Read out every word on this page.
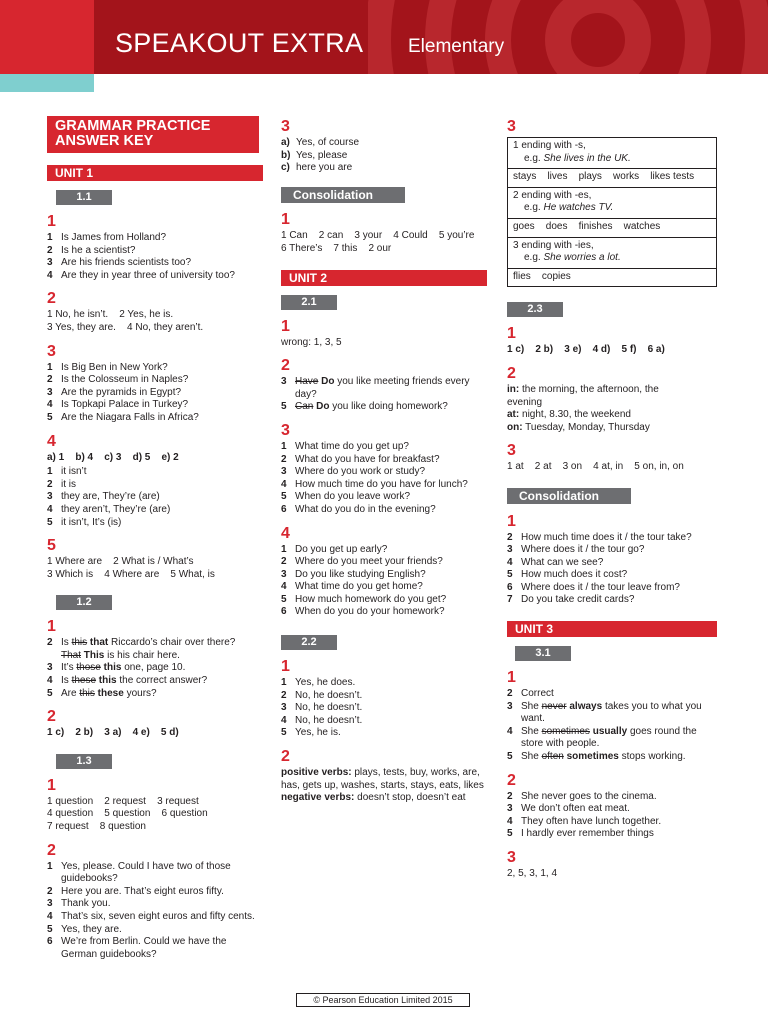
SPEAKOUT EXTRA Elementary
GRAMMAR PRACTICE
ANSWER KEY
UNIT 1
1.1
1
1 Is James from Holland?
2 Is he a scientist?
3 Are his friends scientists too?
4 Are they in year three of university too?
2
1 No, he isn’t.    2 Yes, he is.
3 Yes, they are.    4 No, they aren’t.
3
1 Is Big Ben in New York?
2 Is the Colosseum in Naples?
3 Are the pyramids in Egypt?
4 Is Topkapi Palace in Turkey?
5 Are the Niagara Falls in Africa?
4
a) 1    b) 4    c) 3    d) 5    e) 2
1 it isn’t
2 it is
3 they are, They’re (are)
4 they aren’t, They’re (are)
5 it isn’t, It’s (is)
5
1 Where are    2 What is / What’s
3 Which is    4 Where are    5 What, is
1.2
1
2 Is this that Riccardo’s chair over there?
That This is his chair here.
3 It’s those this one, page 10.
4 Is these this the correct answer?
5 Are this these yours?
2
1 c)    2 b)    3 a)    4 e)    5 d)
1.3
1
1 question    2 request    3 request
4 question    5 question    6 question
7 request    8 question
2
1 Yes, please. Could I have two of those guidebooks?
2 Here you are. That’s eight euros fifty.
3 Thank you.
4 That’s six, seven eight euros and fifty cents.
5 Yes, they are.
6 We’re from Berlin. Could we have the German guidebooks?
3
a) Yes, of course
b) Yes, please
c) here you are
Consolidation
1
1 Can    2 can    3 your    4 Could    5 you’re
6 There’s    7 this    2 our
UNIT 2
2.1
1
wrong: 1, 3, 5
2
3 Have Do you like meeting friends every day?
5 Can Do you like doing homework?
3
1 What time do you get up?
2 What do you have for breakfast?
3 Where do you work or study?
4 How much time do you have for lunch?
5 When do you leave work?
6 What do you do in the evening?
4
1 Do you get up early?
2 Where do you meet your friends?
3 Do you like studying English?
4 What time do you get home?
5 How much homework do you get?
6 When do you do your homework?
2.2
1
1 Yes, he does.
2 No, he doesn’t.
3 No, he doesn’t.
4 No, he doesn’t.
5 Yes, he is.
2
positive verbs: plays, tests, buy, works, are, has, gets up, washes, starts, stays, eats, likes
negative verbs: doesn’t stop, doesn’t eat
3
1 ending with -s,
e.g. She lives in the UK.
stays    lives    plays    works    likes tests
2 ending with -es,
e.g. He watches TV.
goes    does    finishes    watches
3 ending with -ies,
e.g. She worries a lot.
flies    copies
2.3
1
1 c)    2 b)    3 e)    4 d)    5 f)    6 a)
2
in: the morning, the afternoon, the evening
at: night, 8.30, the weekend
on: Tuesday, Monday, Thursday
3
1 at    2 at    3 on    4 at, in    5 on, in, on
Consolidation
1
2 How much time does it / the tour take?
3 Where does it / the tour go?
4 What can we see?
5 How much does it cost?
6 Where does it / the tour leave from?
7 Do you take credit cards?
UNIT 3
3.1
1
2 Correct
3 She never always takes you to what you want.
4 She sometimes usually goes round the store with people.
5 She often sometimes stops working.
2
2 She never goes to the cinema.
3 We don’t often eat meat.
4 They often have lunch together.
5 I hardly ever remember things
3
2, 5, 3, 1, 4
© Pearson Education Limited 2015
